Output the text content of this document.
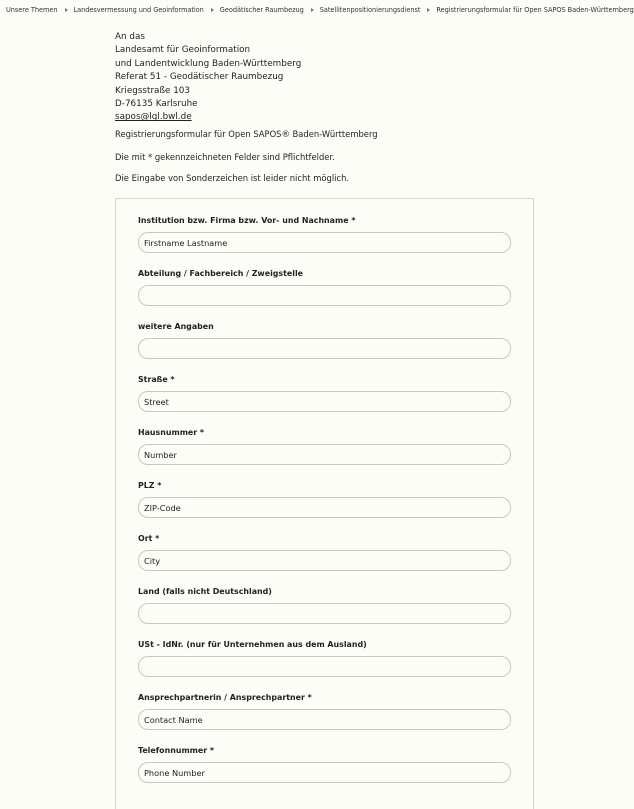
Unsere Themen Landesvermessung und Geoinformation Geodätischer Raumbezug Satellitenpositionierungsdienst Registrierungsformular für Open SAPOS Baden-Württemberg
An das
Landesamt für Geoinformation
und Landentwicklung Baden-Württemberg
Referat 51 - Geodätischer Raumbezug
Kriegsstraße 103
D-76135 Karlsruhe
sapos@lgl.bwl.de
Registrierungsformular für Open SAPOS® Baden-Württemberg
Die mit * gekennzeichneten Felder sind Pflichtfelder.
Die Eingabe von Sonderzeichen ist leider nicht möglich.
Institution bzw. Firma bzw. Vor- und Nachname *
Firstname Lastname
Abteilung / Fachbereich / Zweigstelle
weitere Angaben
Straße *
Street
Hausnummer *
Number
PLZ *
ZIP-Code
Ort *
City
Land (falls nicht Deutschland)
USt - IdNr. (nur für Unternehmen aus dem Ausland)
Ansprechpartnerin / Ansprechpartner *
Contact Name
Telefonnummer *
Phone Number
